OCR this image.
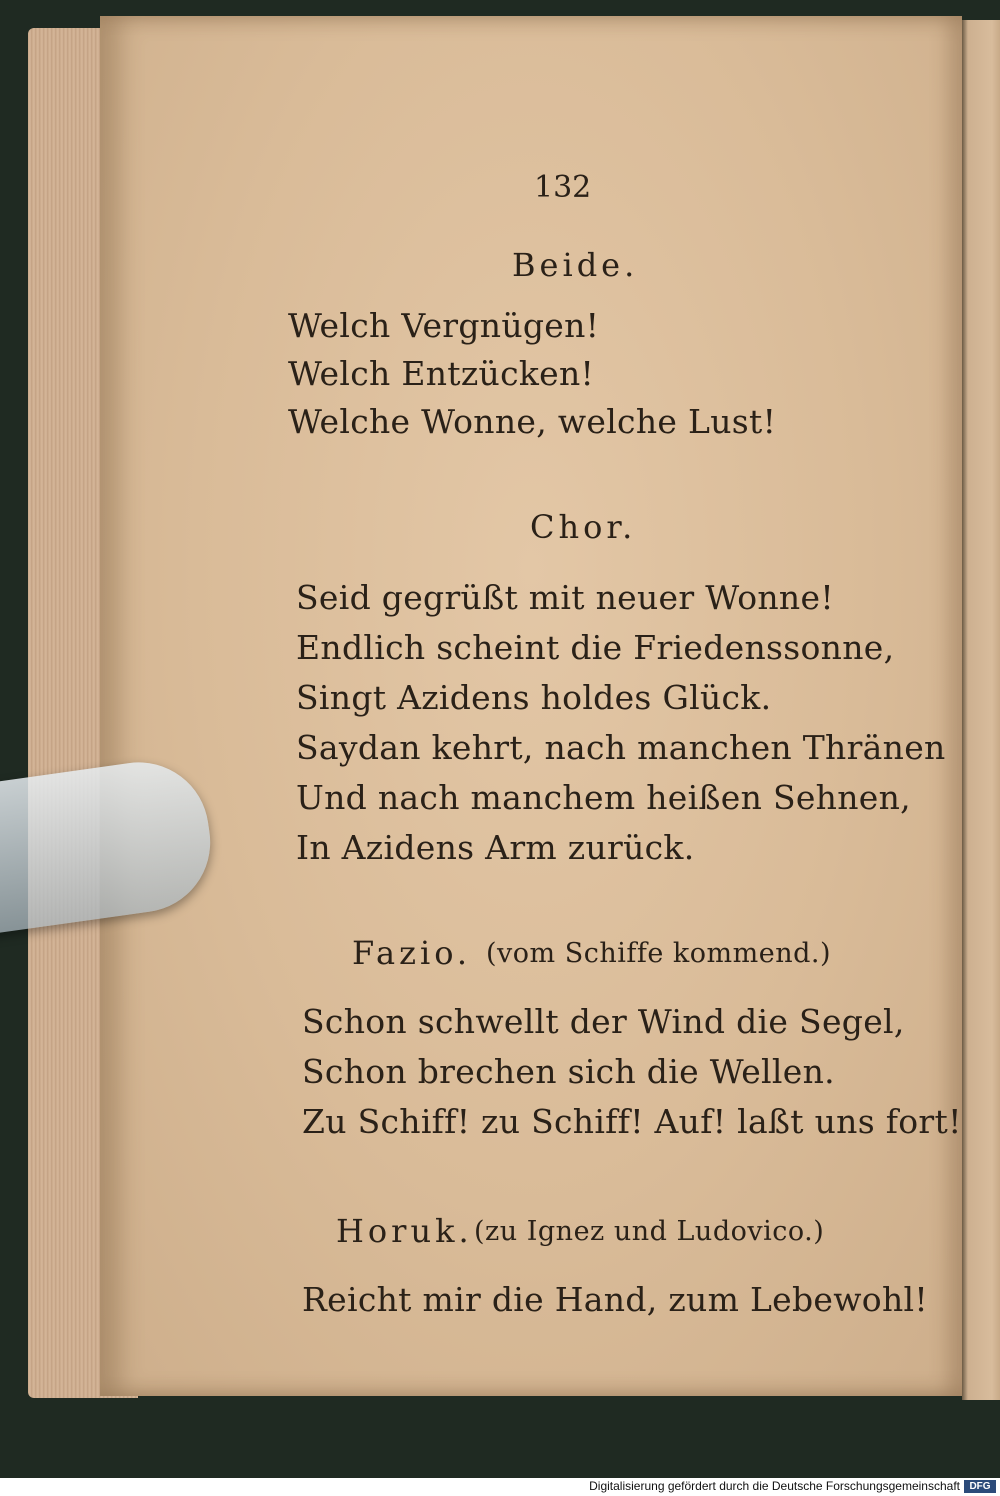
132
Beide.
Welch Vergnügen!
Welch Entzücken!
Welche Wonne, welche Lust!
Chor.
Seid gegrüßt mit neuer Wonne!
Endlich scheint die Friedenssonne,
Singt Azidens holdes Glück.
Saydan kehrt, nach manchen Thränen
Und nach manchem heißen Sehnen,
In Azidens Arm zurück.
Fazio. (vom Schiffe kommend.)
Schon schwellt der Wind die Segel,
Schon brechen sich die Wellen.
Zu Schiff! zu Schiff! Auf! laßt uns fort!
Horuk. (zu Ignez und Ludovico.)
Reicht mir die Hand, zum Lebewohl!
Digitalisierung gefördert durch die Deutsche Forschungsgemeinschaft DFG
